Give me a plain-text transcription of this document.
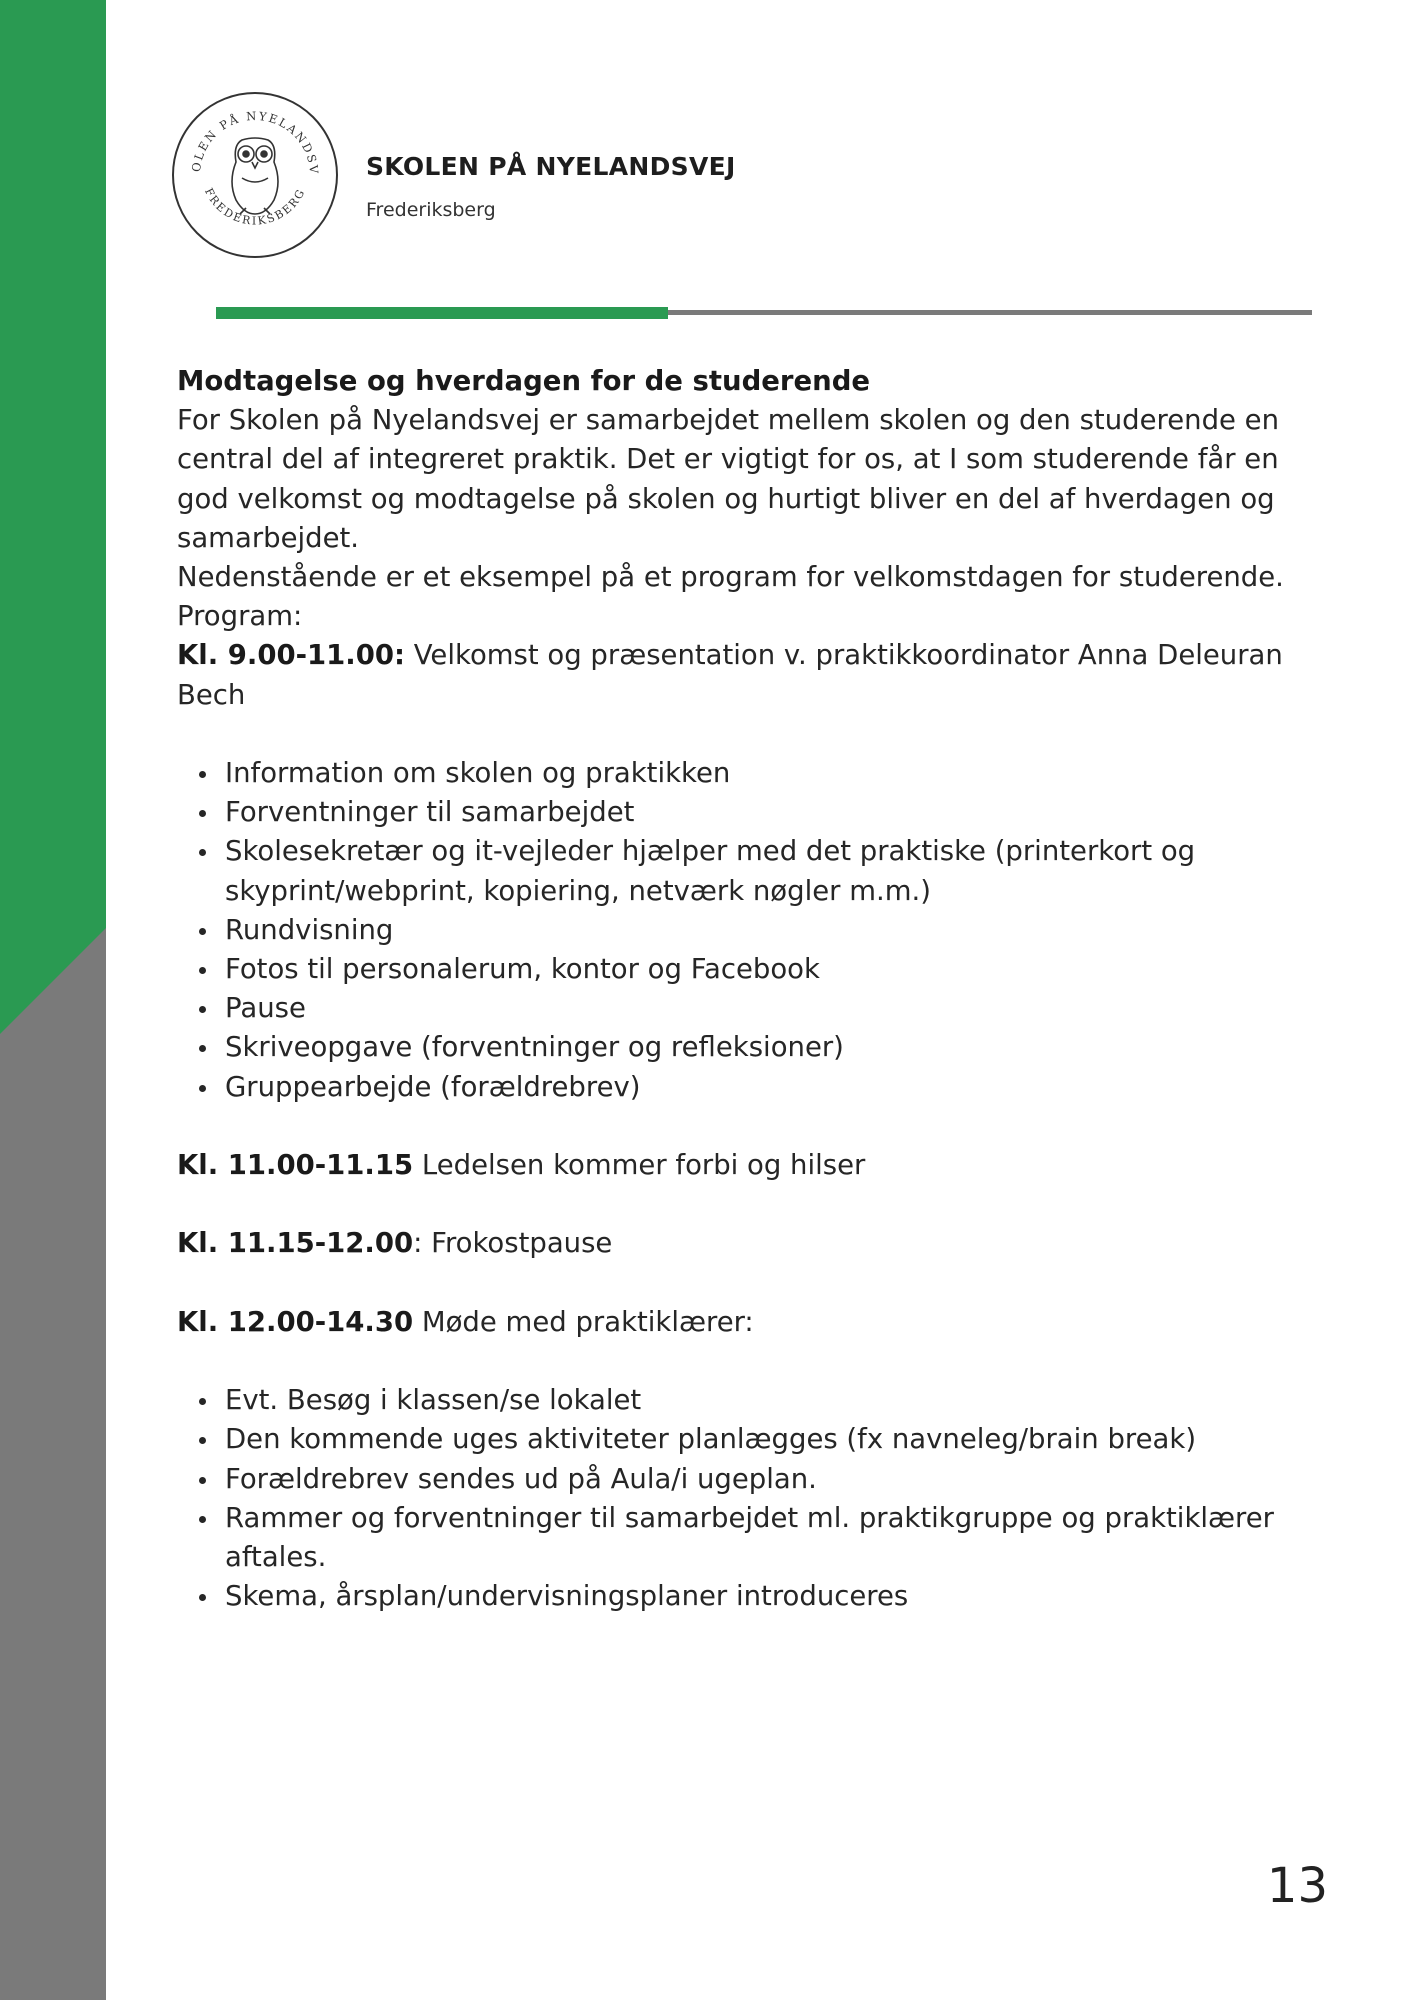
OLEN PÅ NYELANDSV
FREDERIKSBERG
SKOLEN PÅ NYELANDSVEJ
Frederiksberg

Modtagelse og hverdagen for de studerende

For Skolen på Nyelandsvej er samarbejdet mellem skolen og den studerende en central del af integreret praktik. Det er vigtigt for os, at I som studerende får en god velkomst og modtagelse på skolen og hurtigt bliver en del af hverdagen og samarbejdet.

Nedenstående er et eksempel på et program for velkomstdagen for studerende.

Program:

Kl. 9.00-11.00: Velkomst og præsentation v. praktikkoordinator Anna Deleuran Bech

Information om skolen og praktikken
Forventninger til samarbejdet
Skolesekretær og it-vejleder hjælper med det praktiske (printerkort og skyprint/webprint, kopiering, netværk nøgler m.m.)
Rundvisning
Fotos til personalerum, kontor og Facebook
Pause
Skriveopgave (forventninger og refleksioner)
Gruppearbejde (forældrebrev)

Kl. 11.00-11.15 Ledelsen kommer forbi og hilser

Kl. 11.15-12.00: Frokostpause

Kl. 12.00-14.30 Møde med praktiklærer:

Evt. Besøg i klassen/se lokalet
Den kommende uges aktiviteter planlægges (fx navneleg/brain break)
Forældrebrev sendes ud på Aula/i ugeplan.
Rammer og forventninger til samarbejdet ml. praktikgruppe og praktiklærer aftales.
Skema, årsplan/undervisningsplaner introduceres
13
